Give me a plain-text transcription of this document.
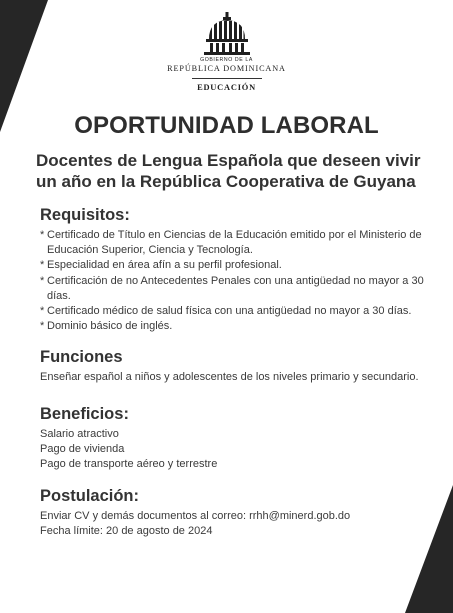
GOBIERNO DE LA
REPÚBLICA DOMINICANA
EDUCACIÓN
OPORTUNIDAD LABORAL
Docentes de Lengua Española que deseen vivir un año en la República Cooperativa de Guyana
Requisitos:
* Certificado de Título en Ciencias de la Educación emitido por el Ministerio de Educación Superior, Ciencia y Tecnología.
* Especialidad en área afín a su perfil profesional.
* Certificación de no Antecedentes Penales con una antigüedad no mayor a 30 días.
* Certificado médico de salud física con una antigüedad no mayor a 30 días.
* Dominio básico de inglés.
Funciones
Enseñar español a niños y adolescentes de los niveles primario y secundario.
Beneficios:
Salario atractivo
Pago de vivienda
Pago de transporte aéreo y terrestre
Postulación:
Enviar CV y demás documentos al correo: rrhh@minerd.gob.do
Fecha límite: 20 de agosto de 2024
